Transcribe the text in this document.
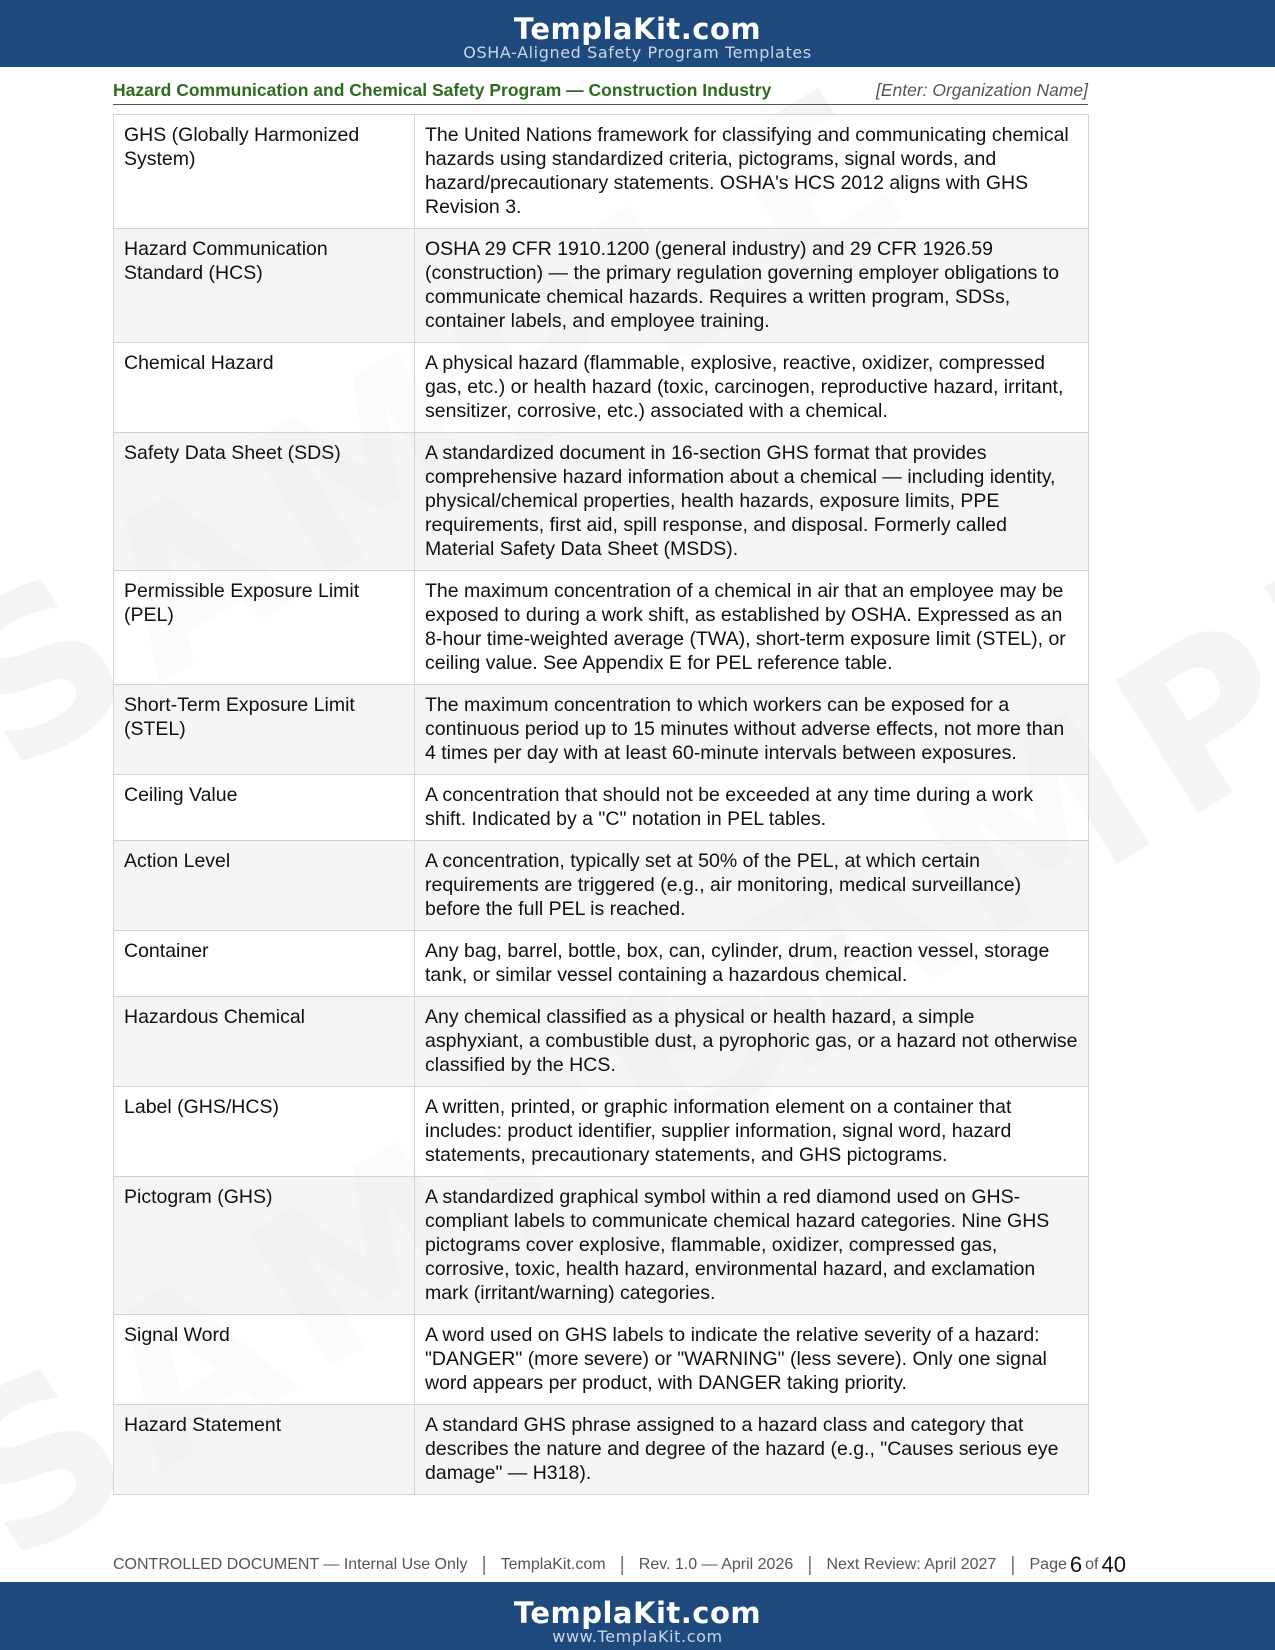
TemplaKit.com
OSHA-Aligned Safety Program Templates
Hazard Communication and Chemical Safety Program — Construction Industry	[Enter: Organization Name]
GHS (Globally Harmonized System)	The United Nations framework for classifying and communicating chemical hazards using standardized criteria, pictograms, signal words, and hazard/precautionary statements. OSHA's HCS 2012 aligns with GHS Revision 3.
Hazard Communication Standard (HCS)	OSHA 29 CFR 1910.1200 (general industry) and 29 CFR 1926.59 (construction) — the primary regulation governing employer obligations to communicate chemical hazards. Requires a written program, SDSs, container labels, and employee training.
Chemical Hazard	A physical hazard (flammable, explosive, reactive, oxidizer, compressed gas, etc.) or health hazard (toxic, carcinogen, reproductive hazard, irritant, sensitizer, corrosive, etc.) associated with a chemical.
Safety Data Sheet (SDS)	A standardized document in 16-section GHS format that provides comprehensive hazard information about a chemical — including identity, physical/chemical properties, health hazards, exposure limits, PPE requirements, first aid, spill response, and disposal. Formerly called Material Safety Data Sheet (MSDS).
Permissible Exposure Limit (PEL)	The maximum concentration of a chemical in air that an employee may be exposed to during a work shift, as established by OSHA. Expressed as an 8-hour time-weighted average (TWA), short-term exposure limit (STEL), or ceiling value. See Appendix E for PEL reference table.
Short-Term Exposure Limit (STEL)	The maximum concentration to which workers can be exposed for a continuous period up to 15 minutes without adverse effects, not more than 4 times per day with at least 60-minute intervals between exposures.
Ceiling Value	A concentration that should not be exceeded at any time during a work shift. Indicated by a "C" notation in PEL tables.
Action Level	A concentration, typically set at 50% of the PEL, at which certain requirements are triggered (e.g., air monitoring, medical surveillance) before the full PEL is reached.
Container	Any bag, barrel, bottle, box, can, cylinder, drum, reaction vessel, storage tank, or similar vessel containing a hazardous chemical.
Hazardous Chemical	Any chemical classified as a physical or health hazard, a simple asphyxiant, a combustible dust, a pyrophoric gas, or a hazard not otherwise classified by the HCS.
Label (GHS/HCS)	A written, printed, or graphic information element on a container that includes: product identifier, supplier information, signal word, hazard statements, precautionary statements, and GHS pictograms.
Pictogram (GHS)	A standardized graphical symbol within a red diamond used on GHS-compliant labels to communicate chemical hazard categories. Nine GHS pictograms cover explosive, flammable, oxidizer, compressed gas, corrosive, toxic, health hazard, environmental hazard, and exclamation mark (irritant/warning) categories.
Signal Word	A word used on GHS labels to indicate the relative severity of a hazard: "DANGER" (more severe) or "WARNING" (less severe). Only one signal word appears per product, with DANGER taking priority.
Hazard Statement	A standard GHS phrase assigned to a hazard class and category that describes the nature and degree of the hazard (e.g., "Causes serious eye damage" — H318).
CONTROLLED DOCUMENT — Internal Use Only | TemplaKit.com | Rev. 1.0 — April 2026 | Next Review: April 2027 | Page 6 of 40
TemplaKit.com
www.TemplaKit.com
